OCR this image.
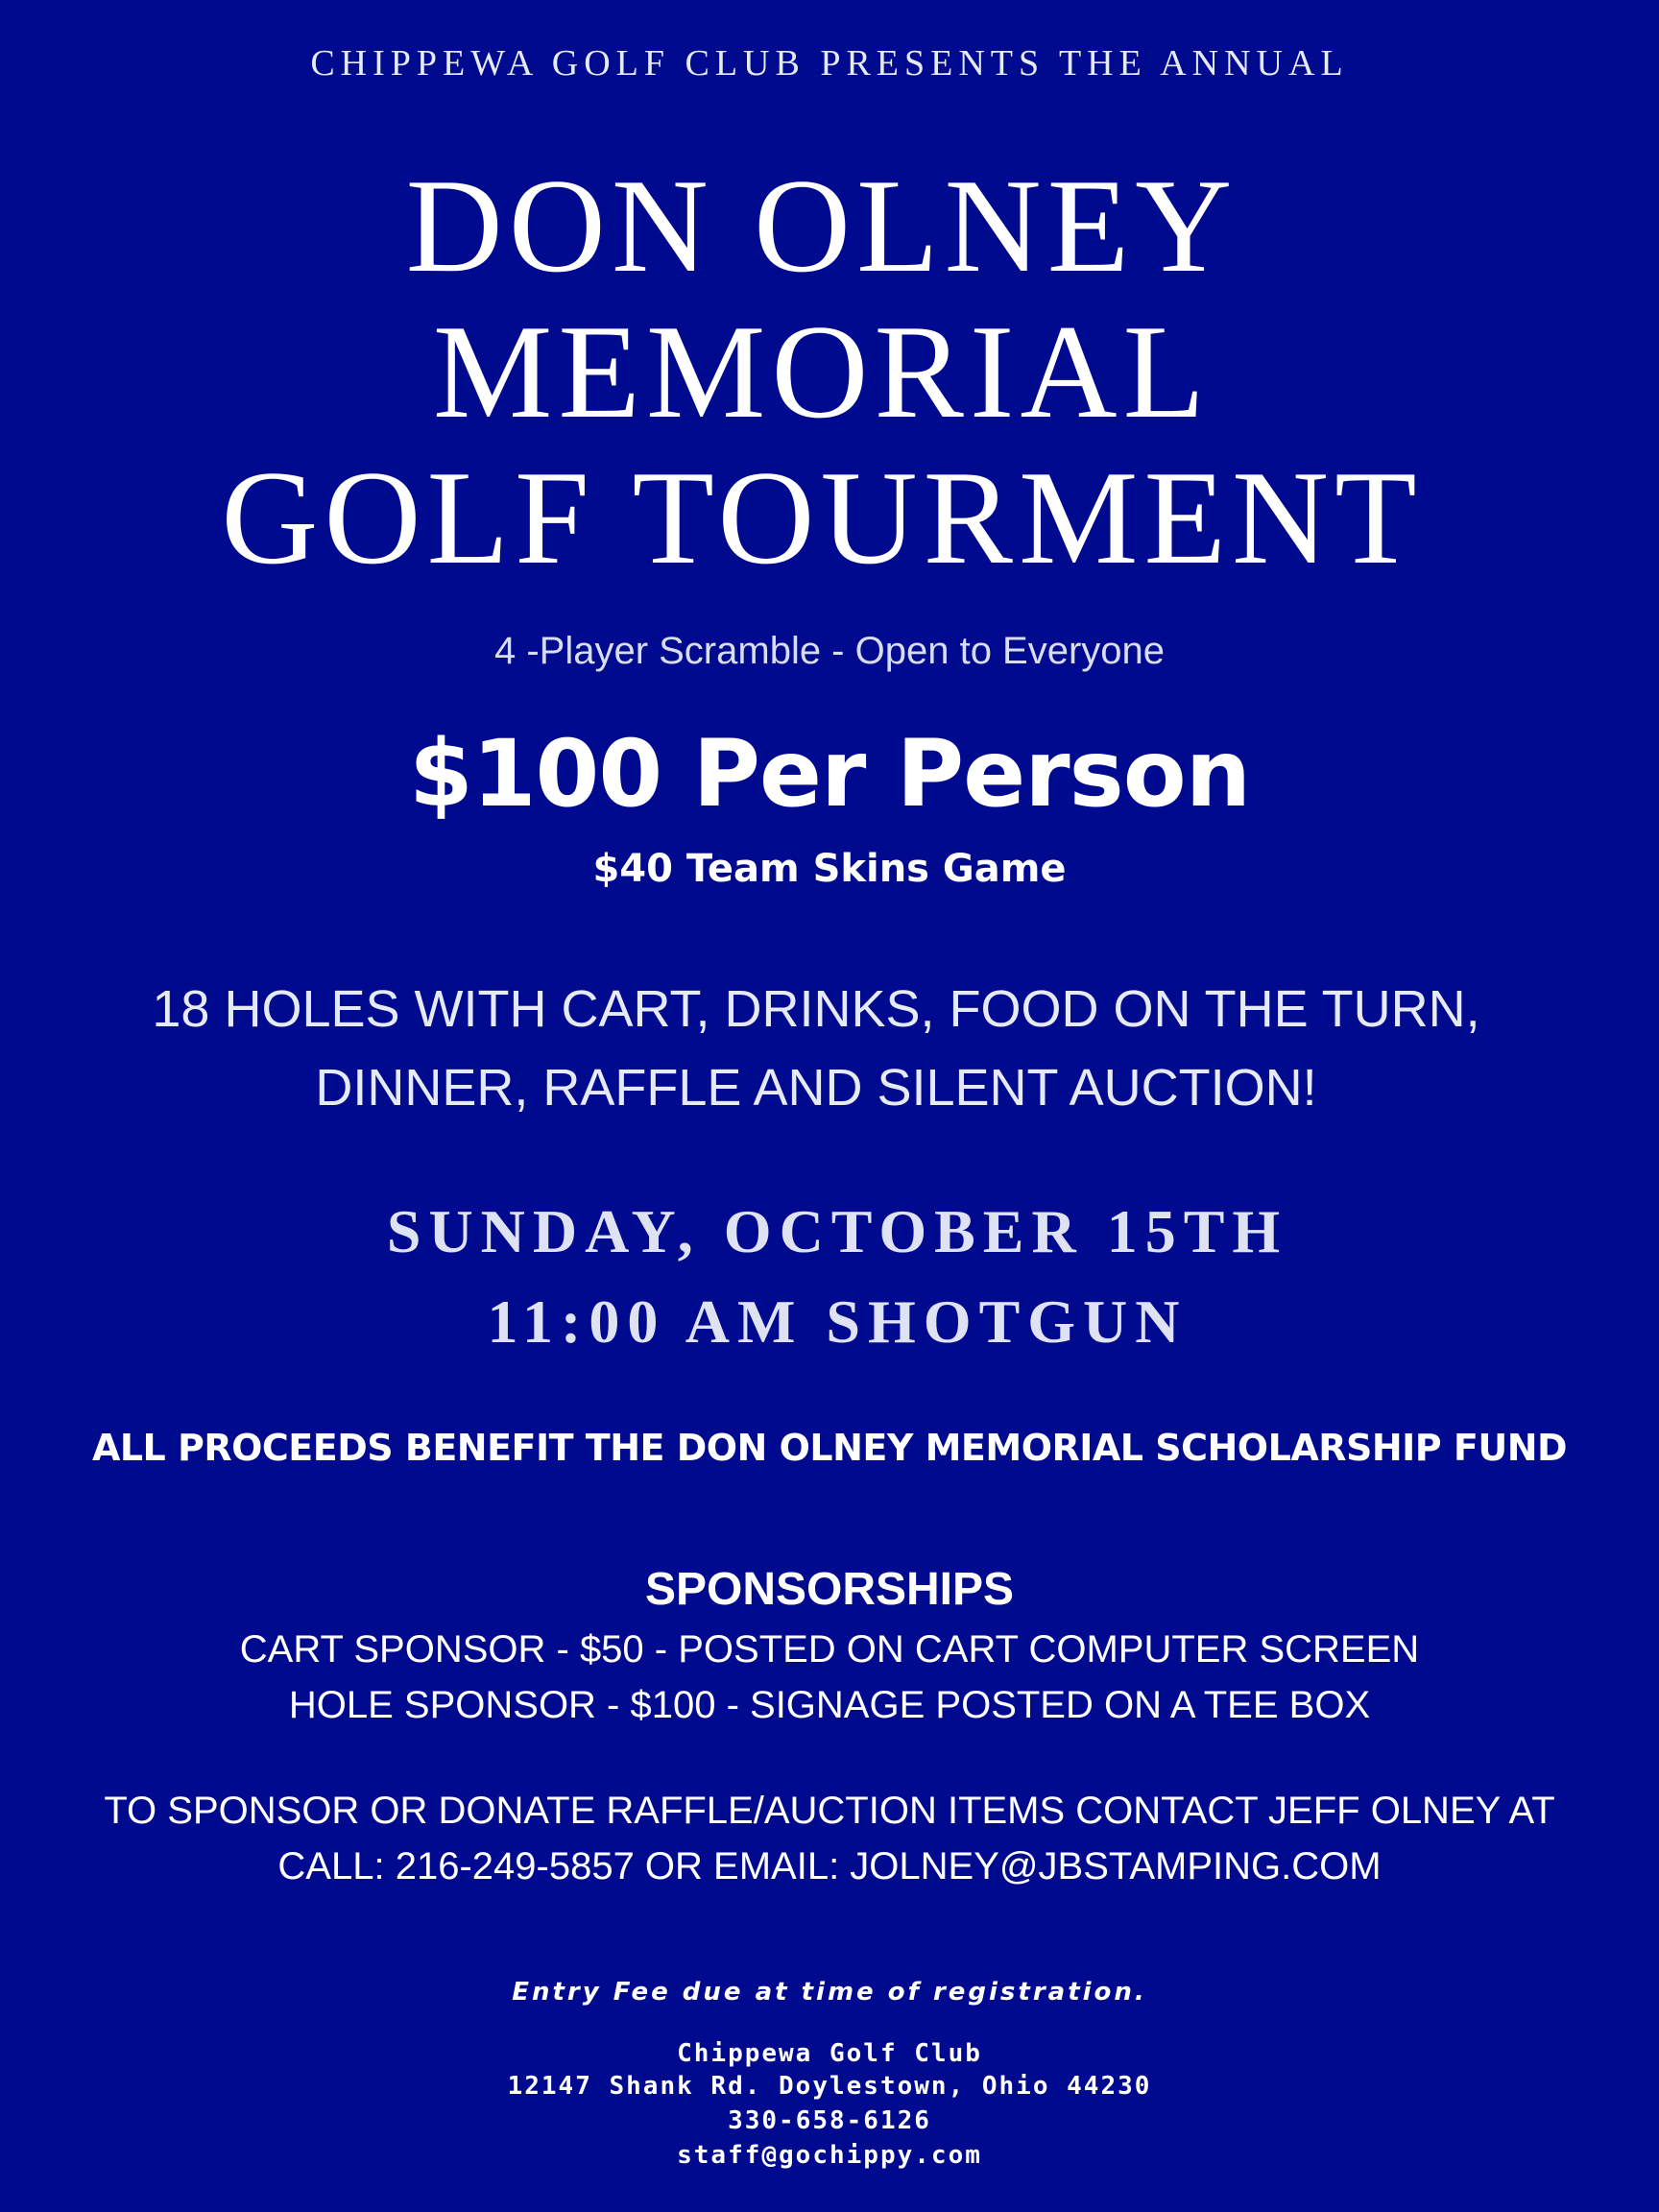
CHIPPEWA GOLF CLUB PRESENTS THE ANNUAL

DON OLNEY

MEMORIAL

GOLF TOURMENT

4 -Player Scramble - Open to Everyone

$100 Per Person

$40 Team Skins Game

18 HOLES WITH CART, DRINKS, FOOD ON THE TURN,

DINNER, RAFFLE AND SILENT AUCTION!

SUNDAY, OCTOBER 15TH

11:00 AM SHOTGUN

ALL PROCEEDS BENEFIT THE DON OLNEY MEMORIAL SCHOLARSHIP FUND

SPONSORSHIPS

CART SPONSOR - $50 - POSTED ON CART COMPUTER SCREEN

HOLE SPONSOR - $100 - SIGNAGE POSTED ON A TEE BOX

TO SPONSOR OR DONATE RAFFLE/AUCTION ITEMS CONTACT JEFF OLNEY AT

CALL: 216-249-5857 OR EMAIL: JOLNEY@JBSTAMPING.COM

Entry Fee due at time of registration.

Chippewa Golf Club

12147 Shank Rd. Doylestown, Ohio 44230

330-658-6126

staff@gochippy.com
